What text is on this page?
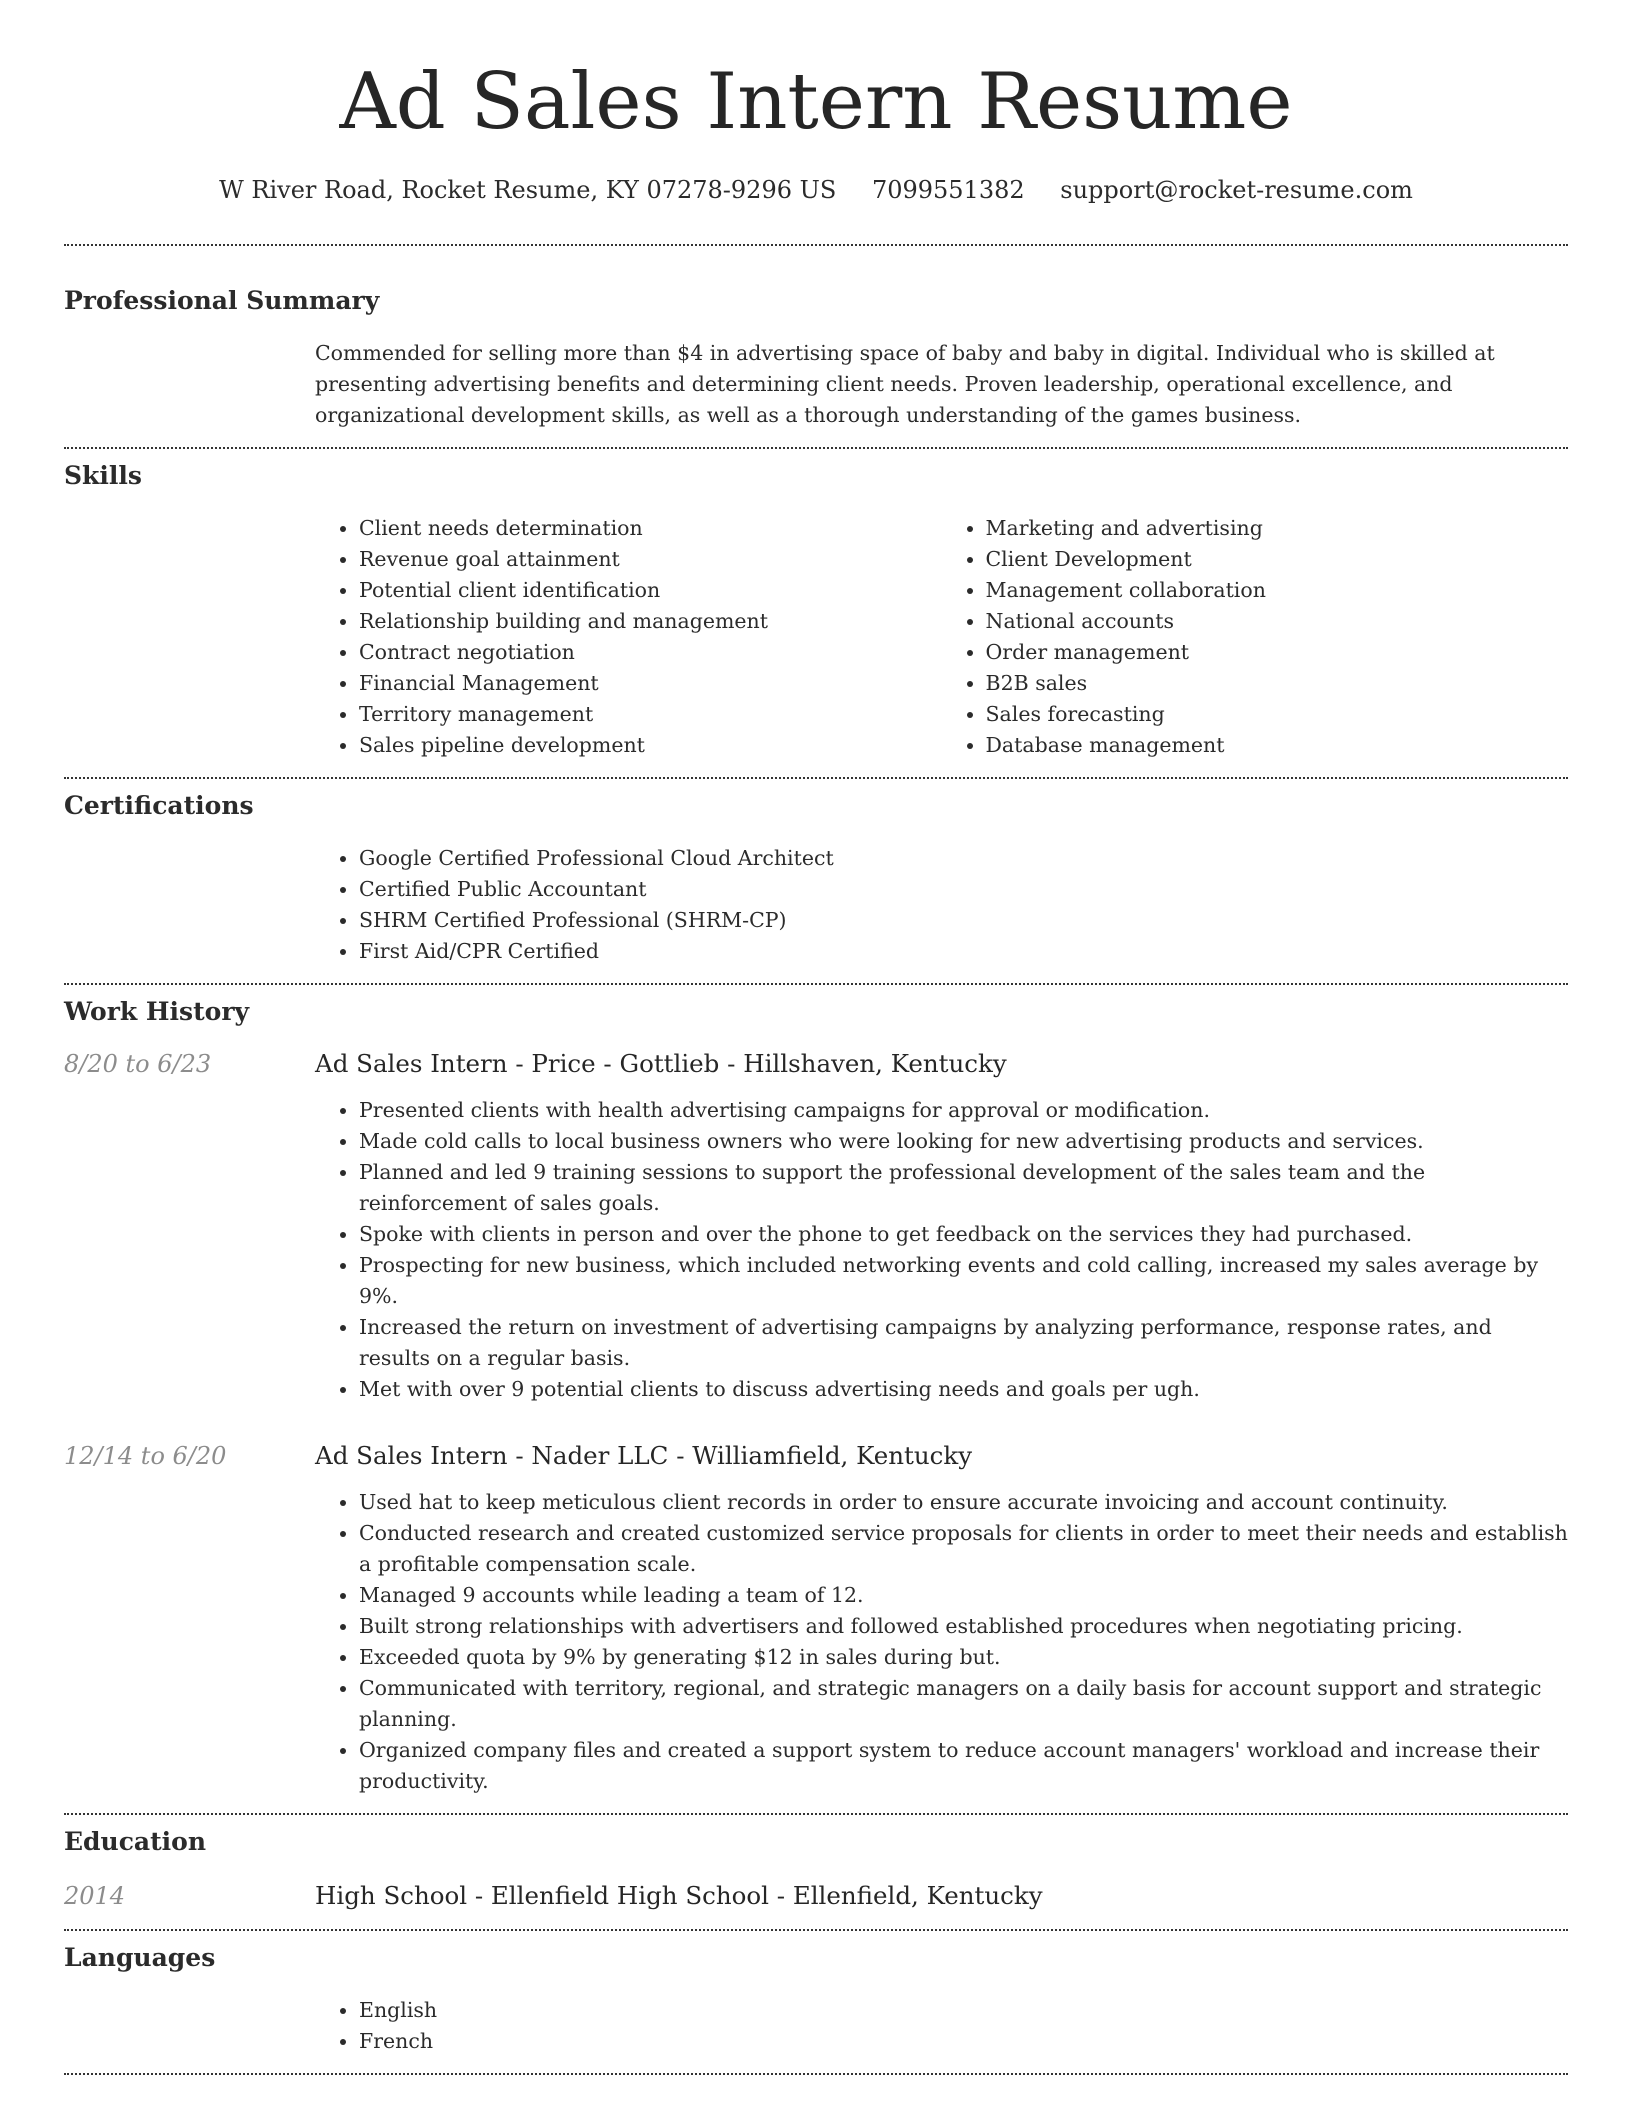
Ad Sales Intern Resume
W River Road, Rocket Resume, KY 07278-9296 US 7099551382 support@rocket-resume.com
Professional Summary
Commended for selling more than $4 in advertising space of baby and baby in digital. Individual who is skilled at presenting advertising benefits and determining client needs. Proven leadership, operational excellence, and organizational development skills, as well as a thorough understanding of the games business.
Skills
• Client needs determination
• Revenue goal attainment
• Potential client identification
• Relationship building and management
• Contract negotiation
• Financial Management
• Territory management
• Sales pipeline development
• Marketing and advertising
• Client Development
• Management collaboration
• National accounts
• Order management
• B2B sales
• Sales forecasting
• Database management
Certifications
• Google Certified Professional Cloud Architect
• Certified Public Accountant
• SHRM Certified Professional (SHRM-CP)
• First Aid/CPR Certified
Work History
8/20 to 6/23	Ad Sales Intern - Price - Gottlieb - Hillshaven, Kentucky
• Presented clients with health advertising campaigns for approval or modification.
• Made cold calls to local business owners who were looking for new advertising products and services.
• Planned and led 9 training sessions to support the professional development of the sales team and the reinforcement of sales goals.
• Spoke with clients in person and over the phone to get feedback on the services they had purchased.
• Prospecting for new business, which included networking events and cold calling, increased my sales average by 9%.
• Increased the return on investment of advertising campaigns by analyzing performance, response rates, and results on a regular basis.
• Met with over 9 potential clients to discuss advertising needs and goals per ugh.
12/14 to 6/20	Ad Sales Intern - Nader LLC - Williamfield, Kentucky
• Used hat to keep meticulous client records in order to ensure accurate invoicing and account continuity.
• Conducted research and created customized service proposals for clients in order to meet their needs and establish a profitable compensation scale.
• Managed 9 accounts while leading a team of 12.
• Built strong relationships with advertisers and followed established procedures when negotiating pricing.
• Exceeded quota by 9% by generating $12 in sales during but.
• Communicated with territory, regional, and strategic managers on a daily basis for account support and strategic planning.
• Organized company files and created a support system to reduce account managers' workload and increase their productivity.
Education
2014	High School - Ellenfield High School - Ellenfield, Kentucky
Languages
• English
• French
